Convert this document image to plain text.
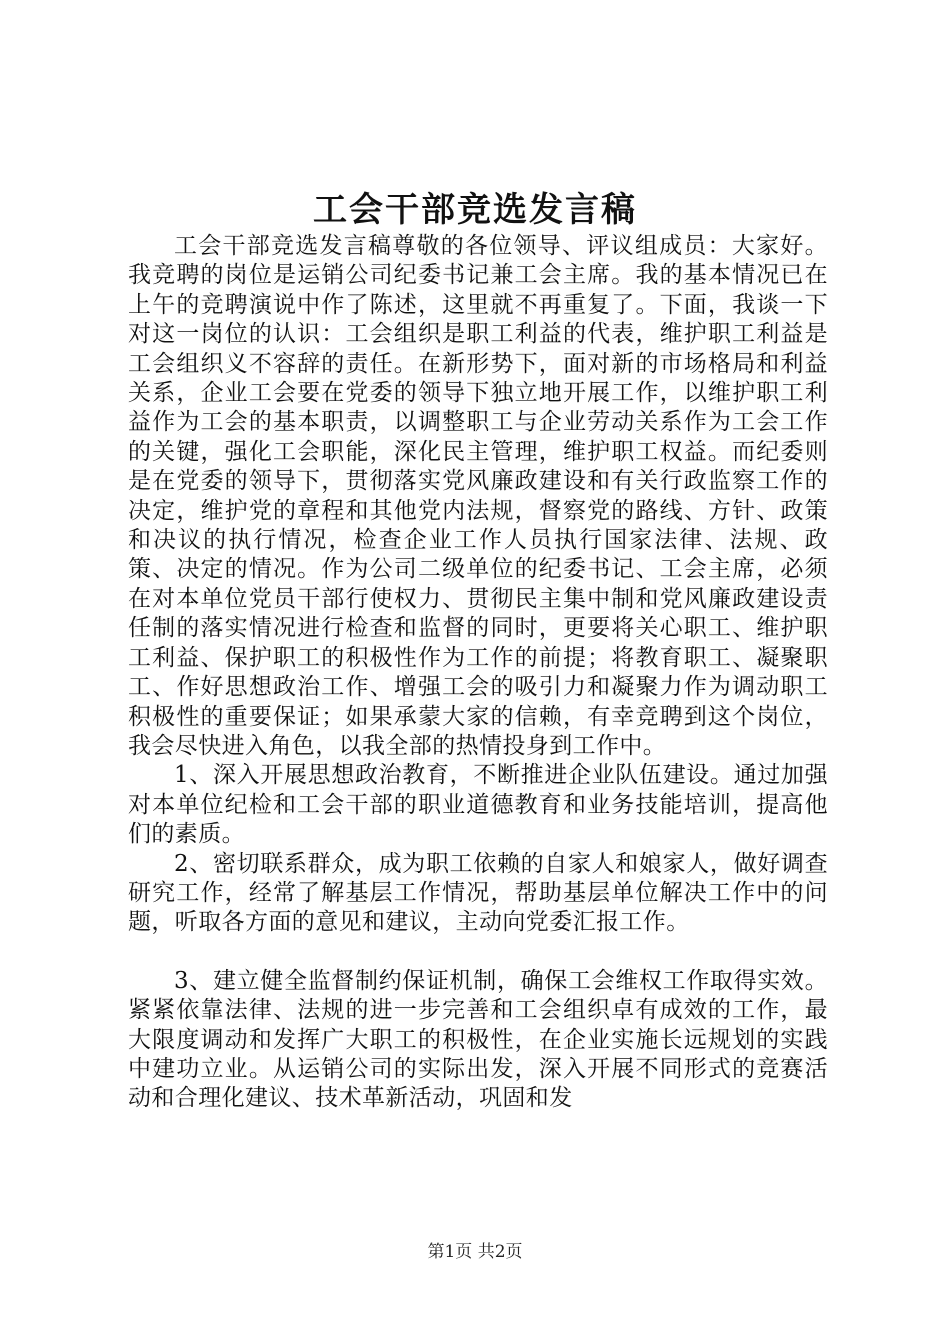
工会干部竞选发言稿

工会干部竞选发言稿尊敬的各位领导、评议组成员：大家好。我竞聘的岗位是运销公司纪委书记兼工会主席。我的基本情况已在上午的竞聘演说中作了陈述，这里就不再重复了。下面，我谈一下对这一岗位的认识：工会组织是职工利益的代表，维护职工利益是工会组织义不容辞的责任。在新形势下，面对新的市场格局和利益关系，企业工会要在党委的领导下独立地开展工作，以维护职工利益作为工会的基本职责，以调整职工与企业劳动关系作为工会工作的关键，强化工会职能，深化民主管理，维护职工权益。而纪委则是在党委的领导下，贯彻落实党风廉政建设和有关行政监察工作的决定，维护党的章程和其他党内法规，督察党的路线、方针、政策和决议的执行情况，检查企业工作人员执行国家法律、法规、政策、决定的情况。作为公司二级单位的纪委书记、工会主席，必须在对本单位党员干部行使权力、贯彻民主集中制和党风廉政建设责任制的落实情况进行检查和监督的同时，更要将关心职工、维护职工利益、保护职工的积极性作为工作的前提；将教育职工、凝聚职工、作好思想政治工作、增强工会的吸引力和凝聚力作为调动职工积极性的重要保证；如果承蒙大家的信赖，有幸竞聘到这个岗位，我会尽快进入角色，以我全部的热情投身到工作中。

1、深入开展思想政治教育，不断推进企业队伍建设。通过加强对本单位纪检和工会干部的职业道德教育和业务技能培训，提高他们的素质。

2、密切联系群众，成为职工依赖的自家人和娘家人，做好调查研究工作，经常了解基层工作情况，帮助基层单位解决工作中的问题，听取各方面的意见和建议，主动向党委汇报工作。

3、建立健全监督制约保证机制，确保工会维权工作取得实效。紧紧依靠法律、法规的进一步完善和工会组织卓有成效的工作，最大限度调动和发挥广大职工的积极性，在企业实施长远规划的实践中建功立业。从运销公司的实际出发，深入开展不同形式的竞赛活动和合理化建议、技术革新活动，巩固和发

第1页 共2页
